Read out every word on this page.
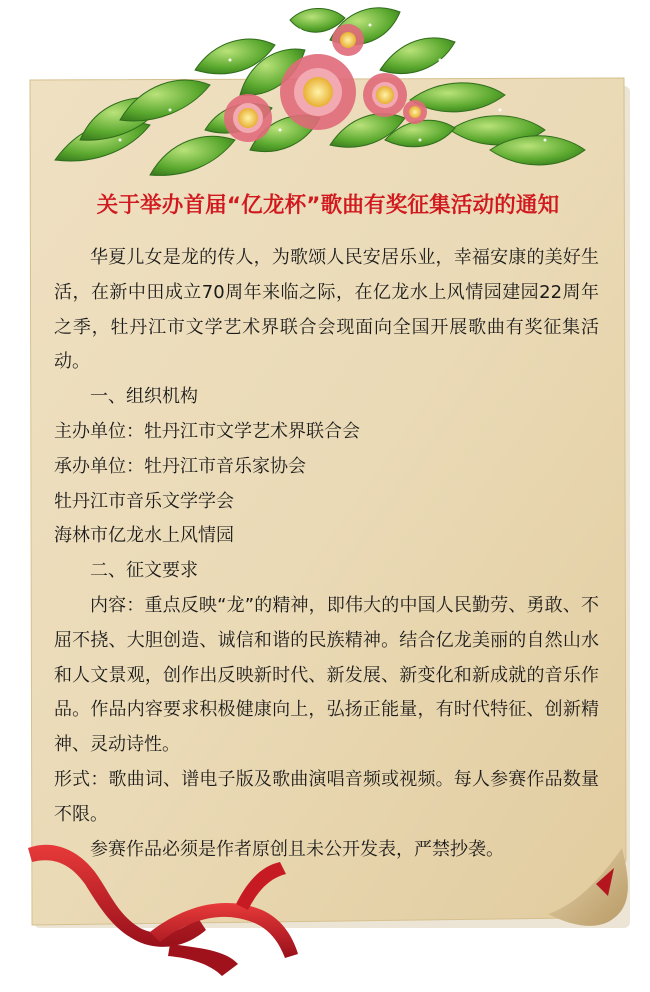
关于举办首届“亿龙杯”歌曲有奖征集活动的通知

华夏儿女是龙的传人，为歌颂人民安居乐业，幸福安康的美好生活，在新中田成立70周年来临之际，在亿龙水上风情园建园22周年之季，牡丹江市文学艺术界联合会现面向全国开展歌曲有奖征集活动。

一、组织机构

主办单位：牡丹江市文学艺术界联合会

承办单位：牡丹江市音乐家协会

牡丹江市音乐文学学会

海林市亿龙水上风情园

二、征文要求

内容：重点反映“龙”的精神，即伟大的中国人民勤劳、勇敢、不屈不挠、大胆创造、诚信和谐的民族精神。结合亿龙美丽的自然山水和人文景观，创作出反映新时代、新发展、新变化和新成就的音乐作品。作品内容要求积极健康向上，弘扬正能量，有时代特征、创新精神、灵动诗性。

形式：歌曲词、谱电子版及歌曲演唱音频或视频。每人参赛作品数量不限。

参赛作品必须是作者原创且未公开发表，严禁抄袭。
